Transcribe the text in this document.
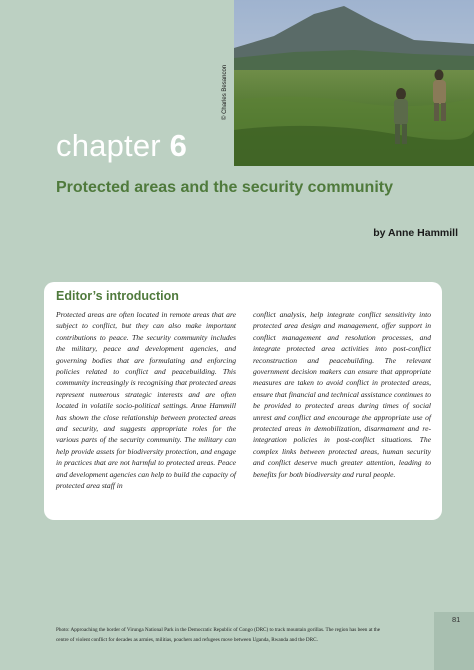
© Charles Besancon
chapter 6
Protected areas and the security community
by Anne Hammill
Editor’s introduction
Protected areas are often located in remote areas that are subject to conflict, but they can also make important contributions to peace. The security community includes the military, peace and development agencies, and governing bodies that are formulating and enforcing policies related to conflict and peacebuilding. This community increasingly is recognising that protected areas represent numerous strategic interests and are often located in volatile socio-political settings. Anne Hammill has shown the close relationship between protected areas and security, and suggests appropriate roles for the various parts of the security community. The military can help provide assets for biodiversity protection, and engage in practices that are not harmful to protected areas. Peace and development agencies can help to build the capacity of protected area staff in
conflict analysis, help integrate conflict sensitivity into protected area design and management, offer support in conflict management and resolution processes, and integrate protected area activities into post-conflict reconstruction and peacebuilding. The relevant government decision makers can ensure that appropriate measures are taken to avoid conflict in protected areas, ensure that financial and technical assistance continues to be provided to protected areas during times of social unrest and conflict and encourage the appropriate use of protected areas in demobilization, disarmament and re-integration policies in post-conflict situations. The complex links between protected areas, human security and conflict deserve much greater attention, leading to benefits for both biodiversity and rural people.
Photo: Approaching the border of Virunga National Park in the Democratic Republic of Congo (DRC) to track mountain gorillas. The region has been at the
centre of violent conflict for decades as armies, militias, poachers and refugees move between Uganda, Rwanda and the DRC.
81
